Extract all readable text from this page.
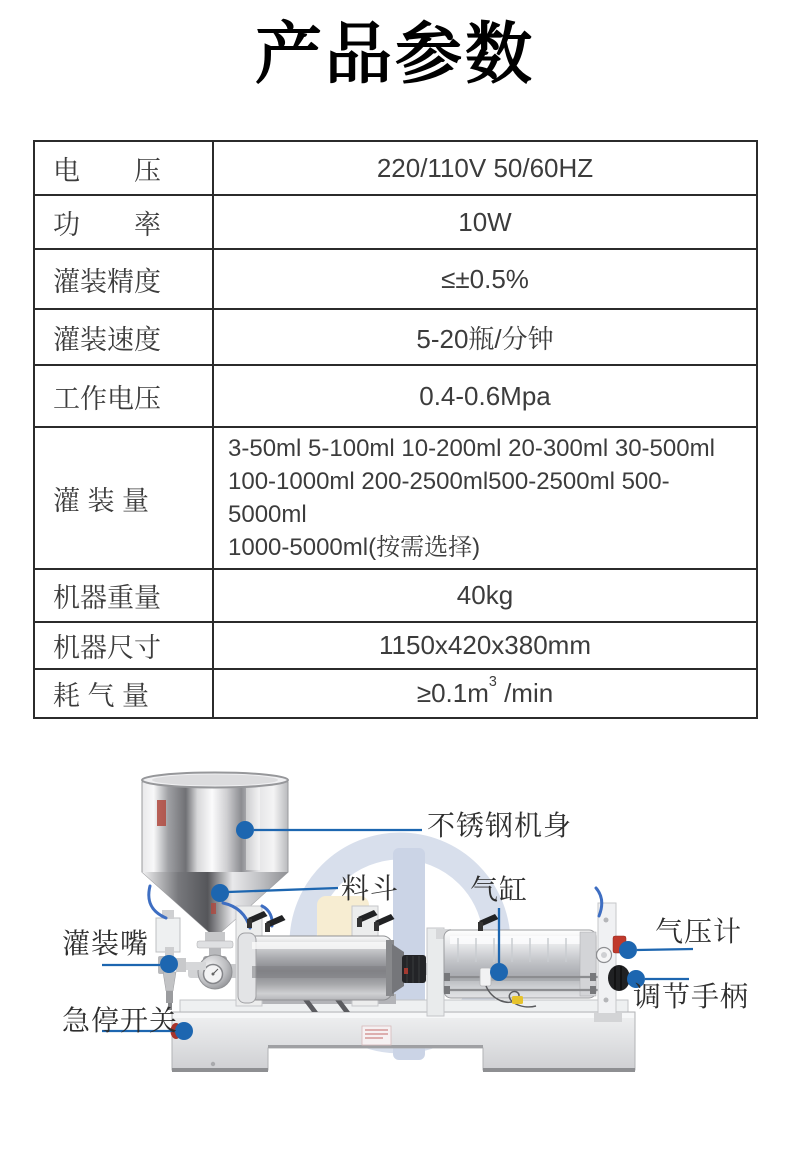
产品参数
电　　压	220/110V 50/60HZ
功　　率	10W
灌装精度	≤±0.5%
灌装速度	5-20瓶/分钟
工作电压	0.4-0.6Mpa
灌 装 量	3-50ml 5-100ml 10-200ml 20-300ml 30-500ml
100-1000ml 200-2500ml500-2500ml 500-5000ml
1000-5000ml(按需选择)

机器重量	40kg
机器尺寸	1150x420x380mm
耗 气 量	$\ge 0.1m^3$ /min
不锈钢机身
料斗	气缸
气压计
调节手柄
灌装嘴
急停开关
